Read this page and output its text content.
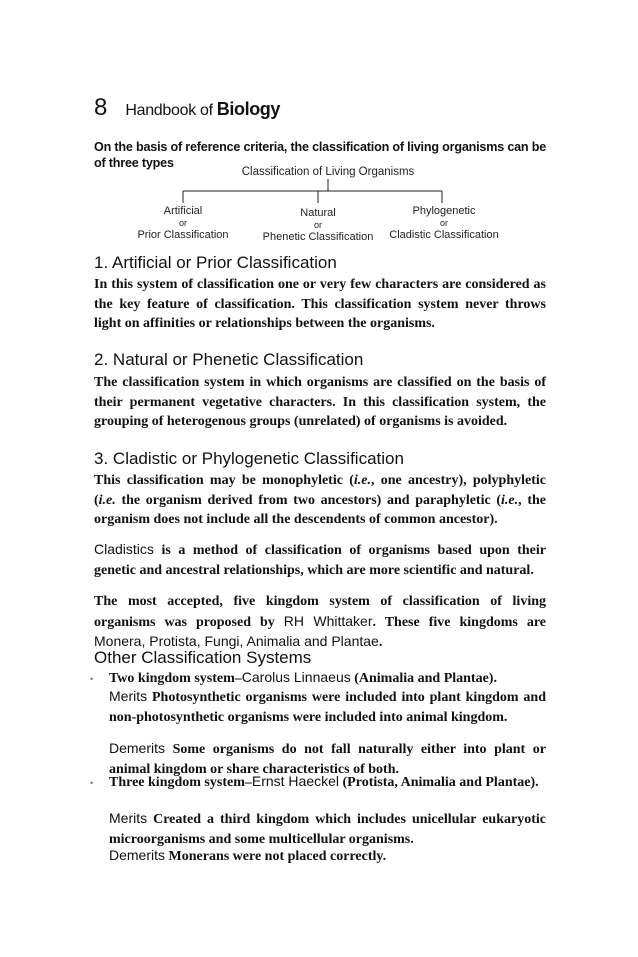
8 Handbook of Biology
On the basis of reference criteria, the classification of living organisms can be of three types
Classification of Living Organisms
Artificial
or
Prior Classification
Natural
or
Phenetic Classification
Phylogenetic
or
Cladistic Classification
1. Artificial or Prior Classification
In this system of classification one or very few characters are considered as the key feature of classification. This classification system never throws light on affinities or relationships between the organisms.
2. Natural or Phenetic Classification
The classification system in which organisms are classified on the basis of their permanent vegetative characters. In this classification system, the grouping of heterogenous groups (unrelated) of organisms is avoided.
3. Cladistic or Phylogenetic Classification
This classification may be monophyletic (i.e., one ancestry), polyphyletic (i.e. the organism derived from two ancestors) and paraphyletic (i.e., the organism does not include all the descendents of common ancestor).
Cladistics is a method of classification of organisms based upon their genetic and ancestral relationships, which are more scientific and natural.
The most accepted, five kingdom system of classification of living organisms was proposed by RH Whittaker. These five kingdoms are Monera, Protista, Fungi, Animalia and Plantae.
Other Classification Systems
• Two kingdom system–Carolus Linnaeus (Animalia and Plantae).
Merits Photosynthetic organisms were included into plant kingdom and non-photosynthetic organisms were included into animal kingdom.
Demerits Some organisms do not fall naturally either into plant or animal kingdom or share characteristics of both.
• Three kingdom system–Ernst Haeckel (Protista, Animalia and Plantae).
Merits Created a third kingdom which includes unicellular eukaryotic microorganisms and some multicellular organisms.
Demerits Monerans were not placed correctly.
